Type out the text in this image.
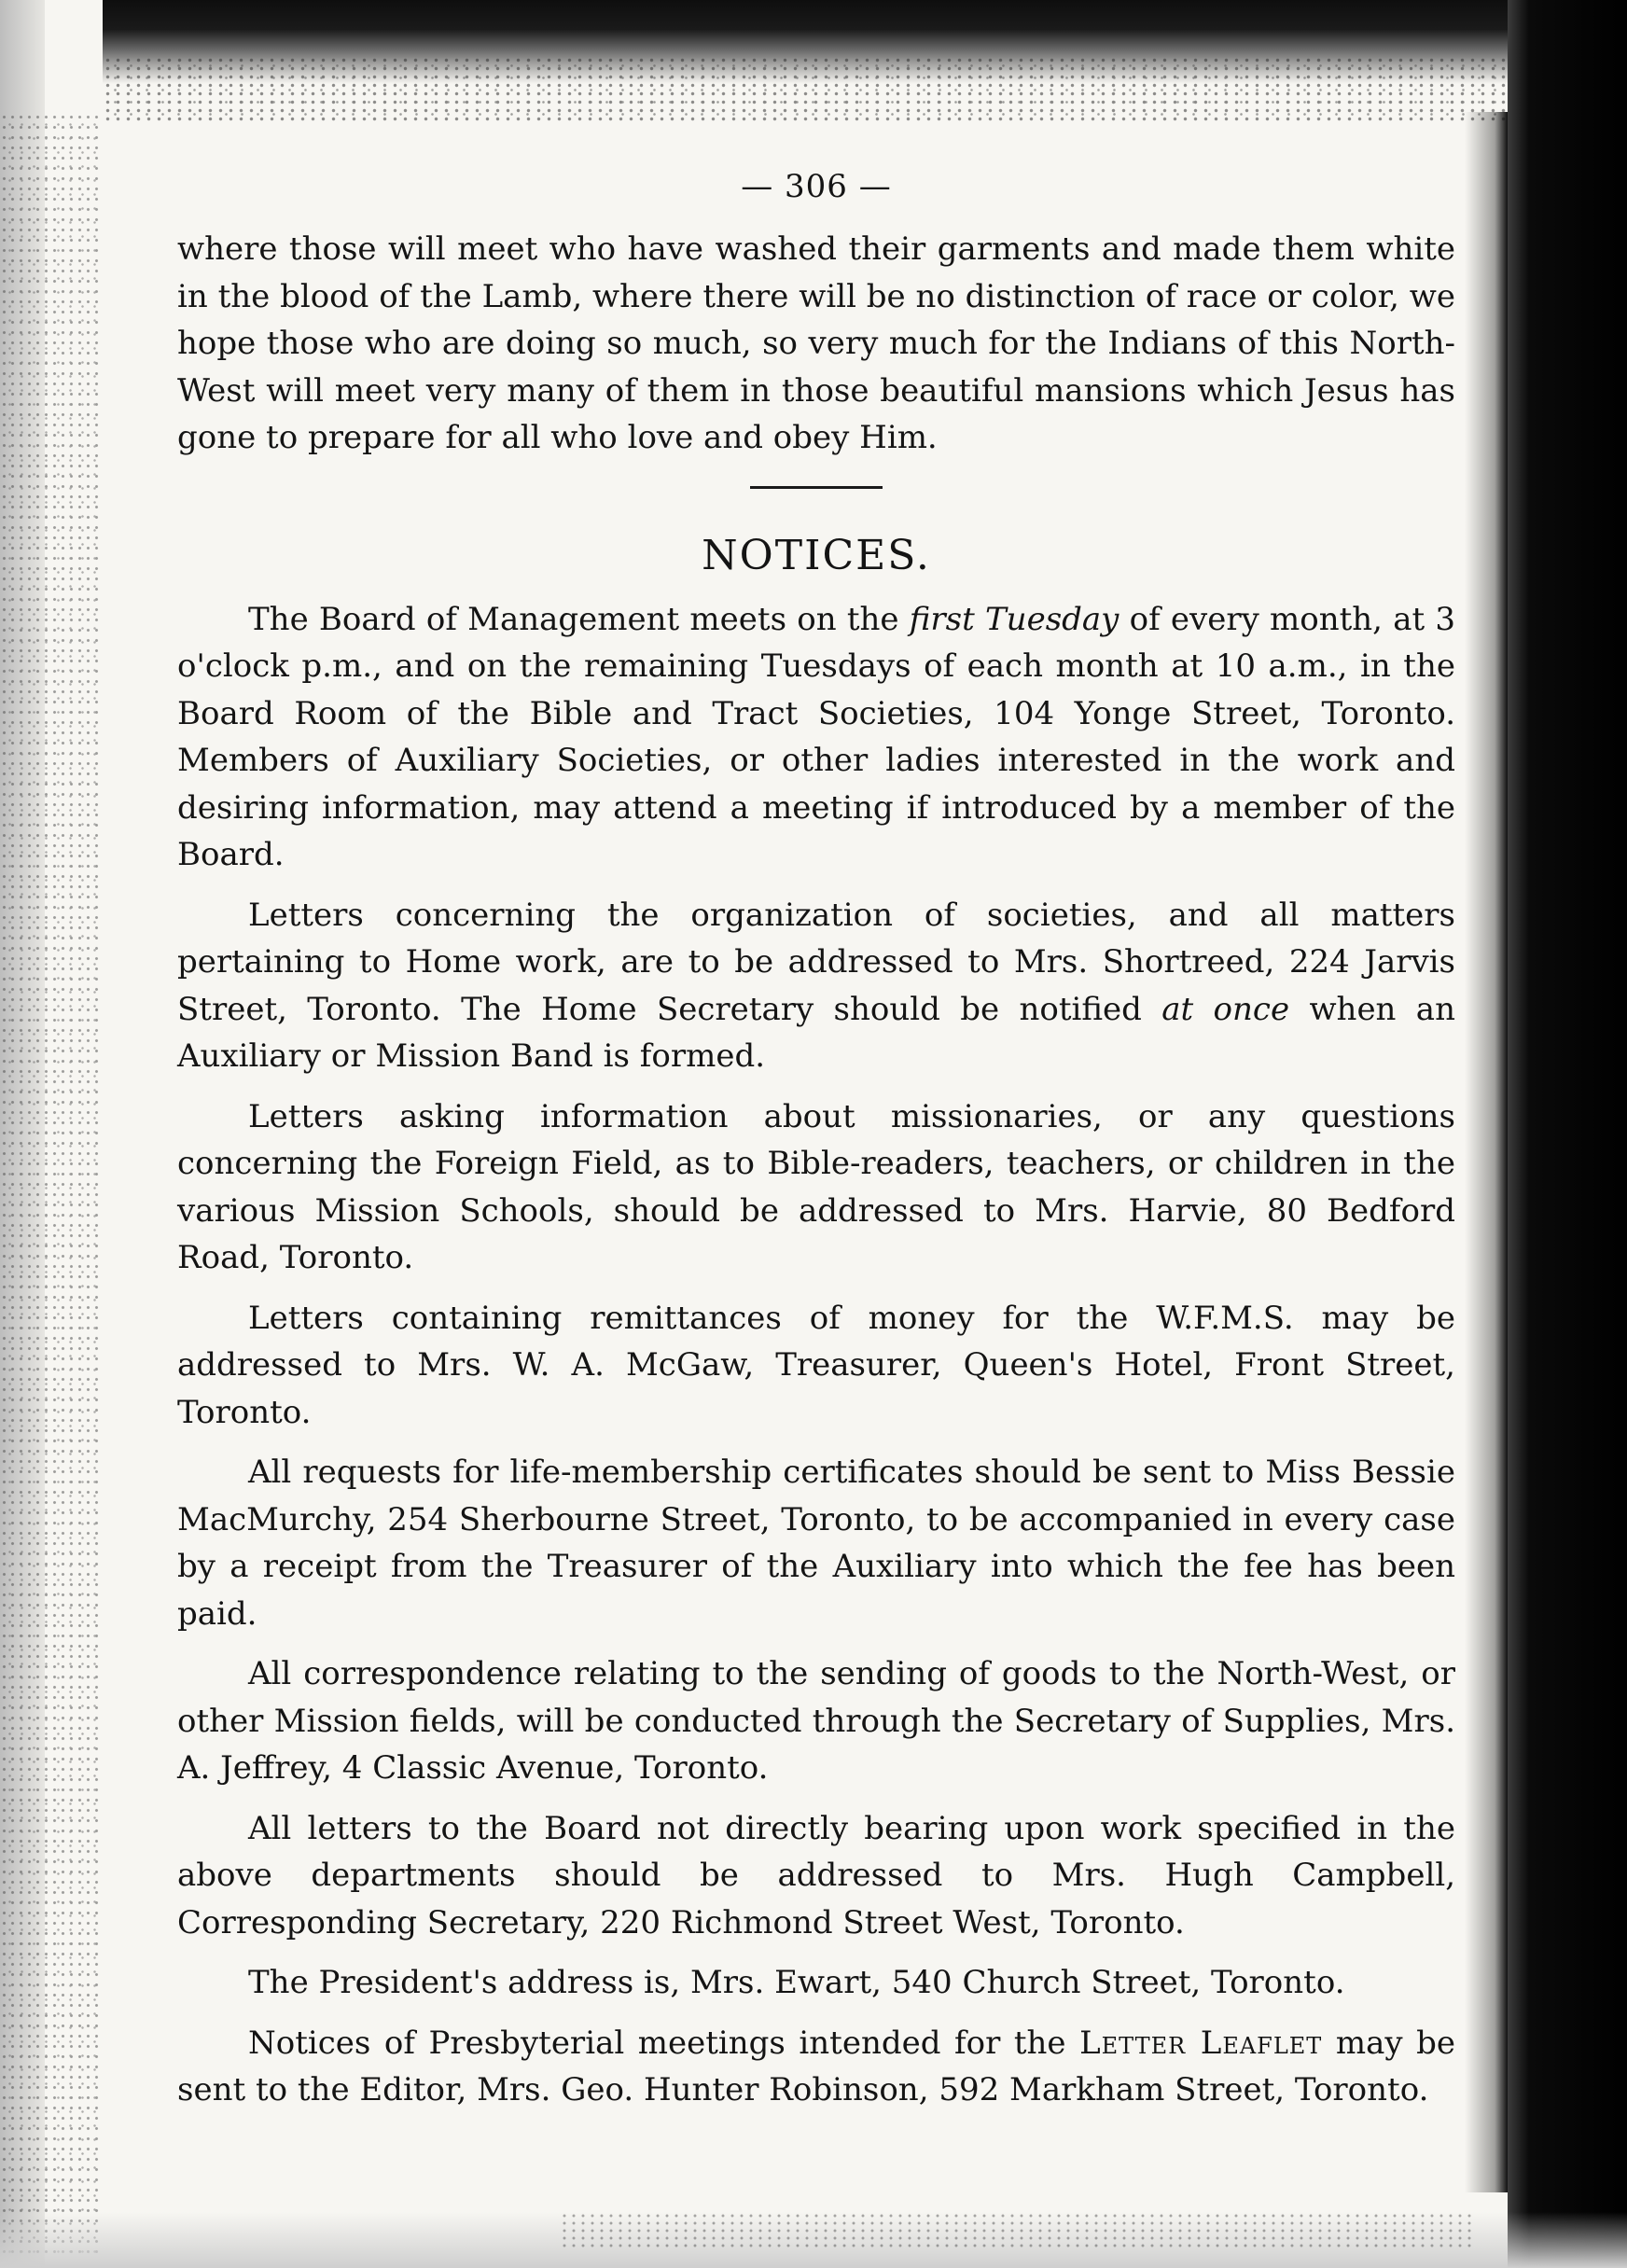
— 306 —

where those will meet who have washed their garments and made them white in the blood of the Lamb, where there will be no distinction of race or color, we hope those who are doing so much, so very much for the Indians of this North-West will meet very many of them in those beautiful mansions which Jesus has gone to prepare for all who love and obey Him.

NOTICES.

The Board of Management meets on the first Tuesday of every month, at 3 o'clock p.m., and on the remaining Tuesdays of each month at 10 a.m., in the Board Room of the Bible and Tract Societies, 104 Yonge Street, Toronto. Members of Auxiliary Societies, or other ladies interested in the work and desiring information, may attend a meeting if introduced by a member of the Board.

Letters concerning the organization of societies, and all matters pertaining to Home work, are to be addressed to Mrs. Shortreed, 224 Jarvis Street, Toronto. The Home Secretary should be notified at once when an Auxiliary or Mission Band is formed.

Letters asking information about missionaries, or any questions concerning the Foreign Field, as to Bible-readers, teachers, or children in the various Mission Schools, should be addressed to Mrs. Harvie, 80 Bedford Road, Toronto.

Letters containing remittances of money for the W.F.M.S. may be addressed to Mrs. W. A. McGaw, Treasurer, Queen's Hotel, Front Street, Toronto.

All requests for life-membership certificates should be sent to Miss Bessie MacMurchy, 254 Sherbourne Street, Toronto, to be accompanied in every case by a receipt from the Treasurer of the Auxiliary into which the fee has been paid.

All correspondence relating to the sending of goods to the North-West, or other Mission fields, will be conducted through the Secretary of Supplies, Mrs. A. Jeffrey, 4 Classic Avenue, Toronto.

All letters to the Board not directly bearing upon work specified in the above departments should be addressed to Mrs. Hugh Campbell, Corresponding Secretary, 220 Richmond Street West, Toronto.

The President's address is, Mrs. Ewart, 540 Church Street, Toronto.

Notices of Presbyterial meetings intended for the Letter Leaflet may be sent to the Editor, Mrs. Geo. Hunter Robinson, 592 Markham Street, Toronto.
